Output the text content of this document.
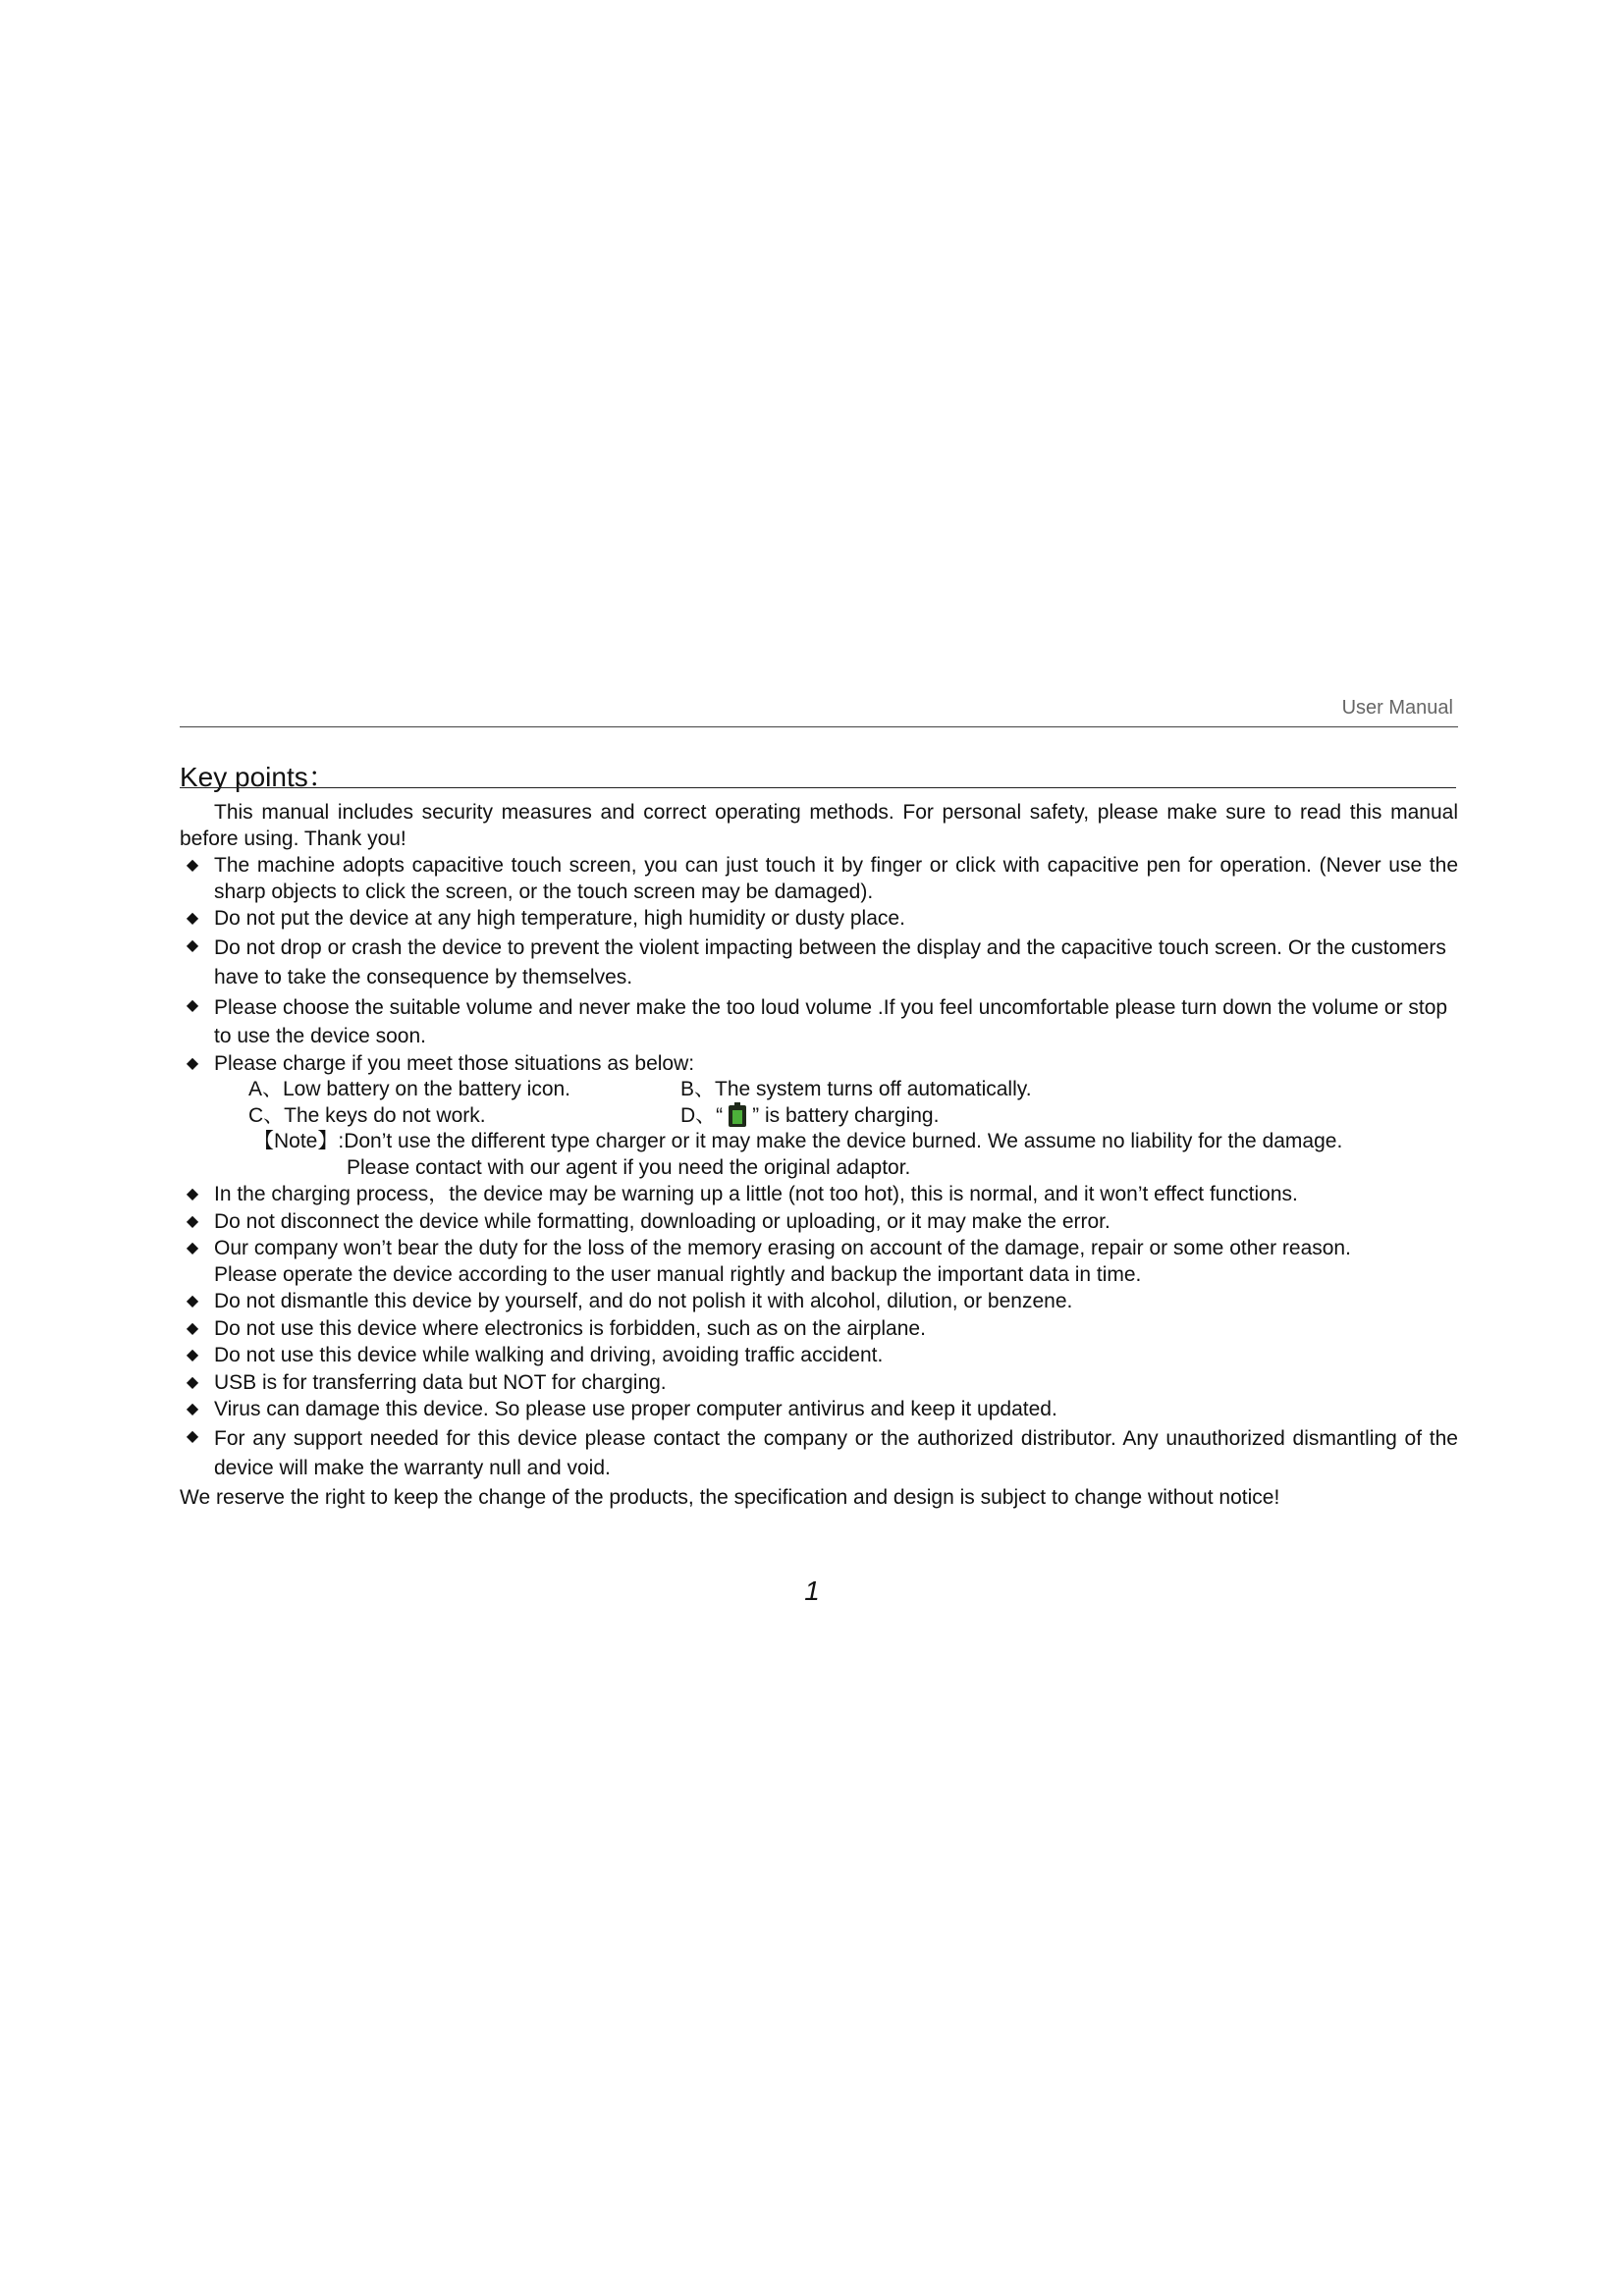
User Manual
Key points：

This manual includes security measures and correct operating methods. For personal safety, please make sure to read this manual before using. Thank you!

◆ The machine adopts capacitive touch screen, you can just touch it by finger or click with capacitive pen for operation. (Never use the sharp objects to click the screen, or the touch screen may be damaged).
◆ Do not put the device at any high temperature, high humidity or dusty place.
◆ Do not drop or crash the device to prevent the violent impacting between the display and the capacitive touch screen. Or the customers have to take the consequence by themselves.
◆ Please choose the suitable volume and never make the too loud volume .If you feel uncomfortable please turn down the volume or stop to use the device soon.
◆ Please charge if you meet those situations as below:
A、Low battery on the battery icon.	B、The system turns off automatically.
C、The keys do not work.	D、“ ” is battery charging.
【Note】:Don’t use the different type charger or it may make the device burned. We assume no liability for the damage.
Please contact with our agent if you need the original adaptor.
◆ In the charging process，the device may be warning up a little (not too hot), this is normal, and it won’t effect functions.
◆ Do not disconnect the device while formatting, downloading or uploading, or it may make the error.
◆ Our company won’t bear the duty for the loss of the memory erasing on account of the damage, repair or some other reason.
Please operate the device according to the user manual rightly and backup the important data in time.
◆ Do not dismantle this device by yourself, and do not polish it with alcohol, dilution, or benzene.
◆ Do not use this device where electronics is forbidden, such as on the airplane.
◆ Do not use this device while walking and driving, avoiding traffic accident.
◆ USB is for transferring data but NOT for charging.
◆ Virus can damage this device. So please use proper computer antivirus and keep it updated.
◆ For any support needed for this device please contact the company or the authorized distributor. Any unauthorized dismantling of the device will make the warranty null and void.

We reserve the right to keep the change of the products, the specification and design is subject to change without notice!

1
